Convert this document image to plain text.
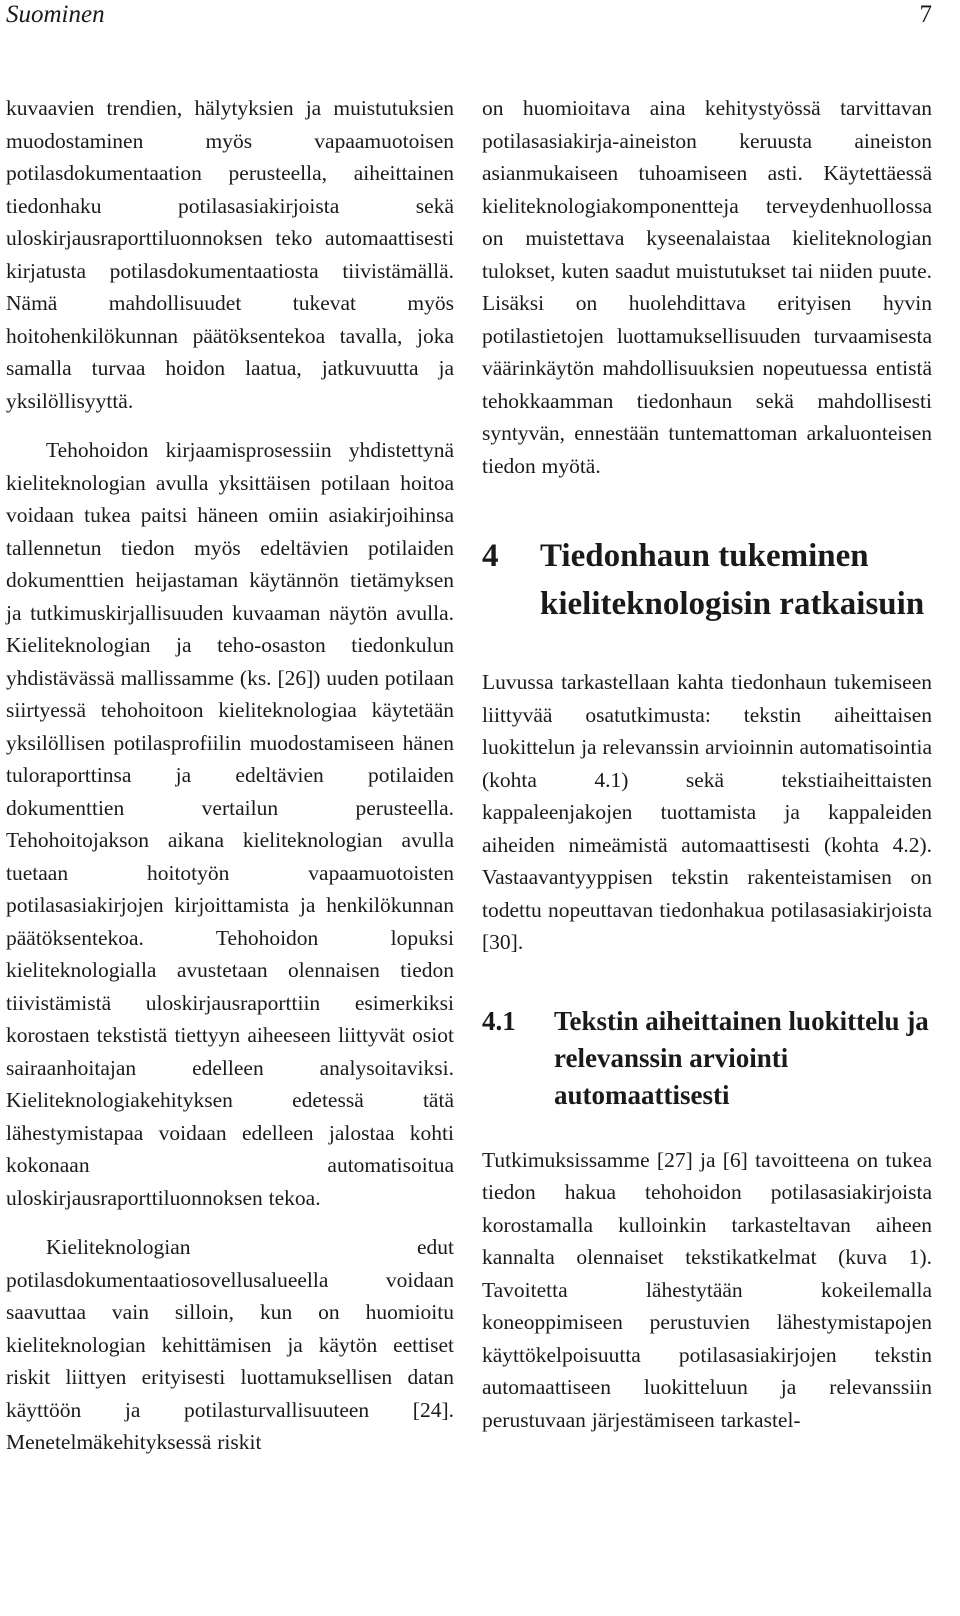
Suominen	7

kuvaavien trendien, hälytyksien ja muistutuksien muodostaminen myös vapaamuotoisen potilasdokumentaation perusteella, aiheittainen tiedonhaku potilasasiakirjoista sekä uloskirjausraporttiluonnoksen teko automaattisesti kirjatusta potilasdokumentaatiosta tiivistämällä. Nämä mahdollisuudet tukevat myös hoitohenkilökunnan päätöksentekoa tavalla, joka samalla turvaa hoidon laatua, jatkuvuutta ja yksilöllisyyttä.

Tehohoidon kirjaamisprosessiin yhdistettynä kieliteknologian avulla yksittäisen potilaan hoitoa voidaan tukea paitsi häneen omiin asiakirjoihinsa tallennetun tiedon myös edeltävien potilaiden dokumenttien heijastaman käytännön tietämyksen ja tutkimuskirjallisuuden kuvaaman näytön avulla. Kieliteknologian ja teho-osaston tiedonkulun yhdistävässä mallissamme (ks. [26]) uuden potilaan siirtyessä tehohoitoon kieliteknologiaa käytetään yksilöllisen potilasprofiilin muodostamiseen hänen tuloraporttinsa ja edeltävien potilaiden dokumenttien vertailun perusteella. Tehohoitojakson aikana kieliteknologian avulla tuetaan hoitotyön vapaamuotoisten potilasasiakirjojen kirjoittamista ja henkilökunnan päätöksentekoa. Tehohoidon lopuksi kieliteknologialla avustetaan olennaisen tiedon tiivistämistä uloskirjausraporttiin esimerkiksi korostaen tekstistä tiettyyn aiheeseen liittyvät osiot sairaanhoitajan edelleen analysoitaviksi. Kieliteknologiakehityksen edetessä tätä lähestymistapaa voidaan edelleen jalostaa kohti kokonaan automatisoitua uloskirjausraporttiluonnoksen tekoa.

Kieliteknologian edut potilasdokumentaatiosovellusalueella voidaan saavuttaa vain silloin, kun on huomioitu kieliteknologian kehittämisen ja käytön eettiset riskit liittyen erityisesti luottamuksellisen datan käyttöön ja potilasturvallisuuteen [24]. Menetelmäkehityksessä riskit

on huomioitava aina kehitystyössä tarvittavan potilasasiakirja-aineiston keruusta aineiston asianmukaiseen tuhoamiseen asti. Käytettäessä kieliteknologiakomponentteja terveydenhuollossa on muistettava kyseenalaistaa kieliteknologian tulokset, kuten saadut muistutukset tai niiden puute. Lisäksi on huolehdittava erityisen hyvin potilastietojen luottamuksellisuuden turvaamisesta väärinkäytön mahdollisuuksien nopeutuessa entistä tehokkaamman tiedonhaun sekä mahdollisesti syntyvän, ennestään tuntemattoman arkaluonteisen tiedon myötä.

4	Tiedonhaun tukeminen kieliteknologisin ratkaisuin

Luvussa tarkastellaan kahta tiedonhaun tukemiseen liittyvää osatutkimusta: tekstin aiheittaisen luokittelun ja relevanssin arvioinnin automatisointia (kohta 4.1) sekä tekstiaiheittaisten kappaleenjakojen tuottamista ja kappaleiden aiheiden nimeämistä automaattisesti (kohta 4.2). Vastaavantyyppisen tekstin rakenteistamisen on todettu nopeuttavan tiedonhakua potilasasiakirjoista [30].

4.1	Tekstin aiheittainen luokittelu ja relevanssin arviointi automaattisesti

Tutkimuksissamme [27] ja [6] tavoitteena on tukea tiedon hakua tehohoidon potilasasiakirjoista korostamalla kulloinkin tarkasteltavan aiheen kannalta olennaiset tekstikatkelmat (kuva 1). Tavoitetta lähestytään kokeilemalla koneoppimiseen perustuvien lähestymistapojen käyttökelpoisuutta potilasasiakirjojen tekstin automaattiseen luokitteluun ja relevanssiin perustuvaan järjestämiseen tarkastel-
